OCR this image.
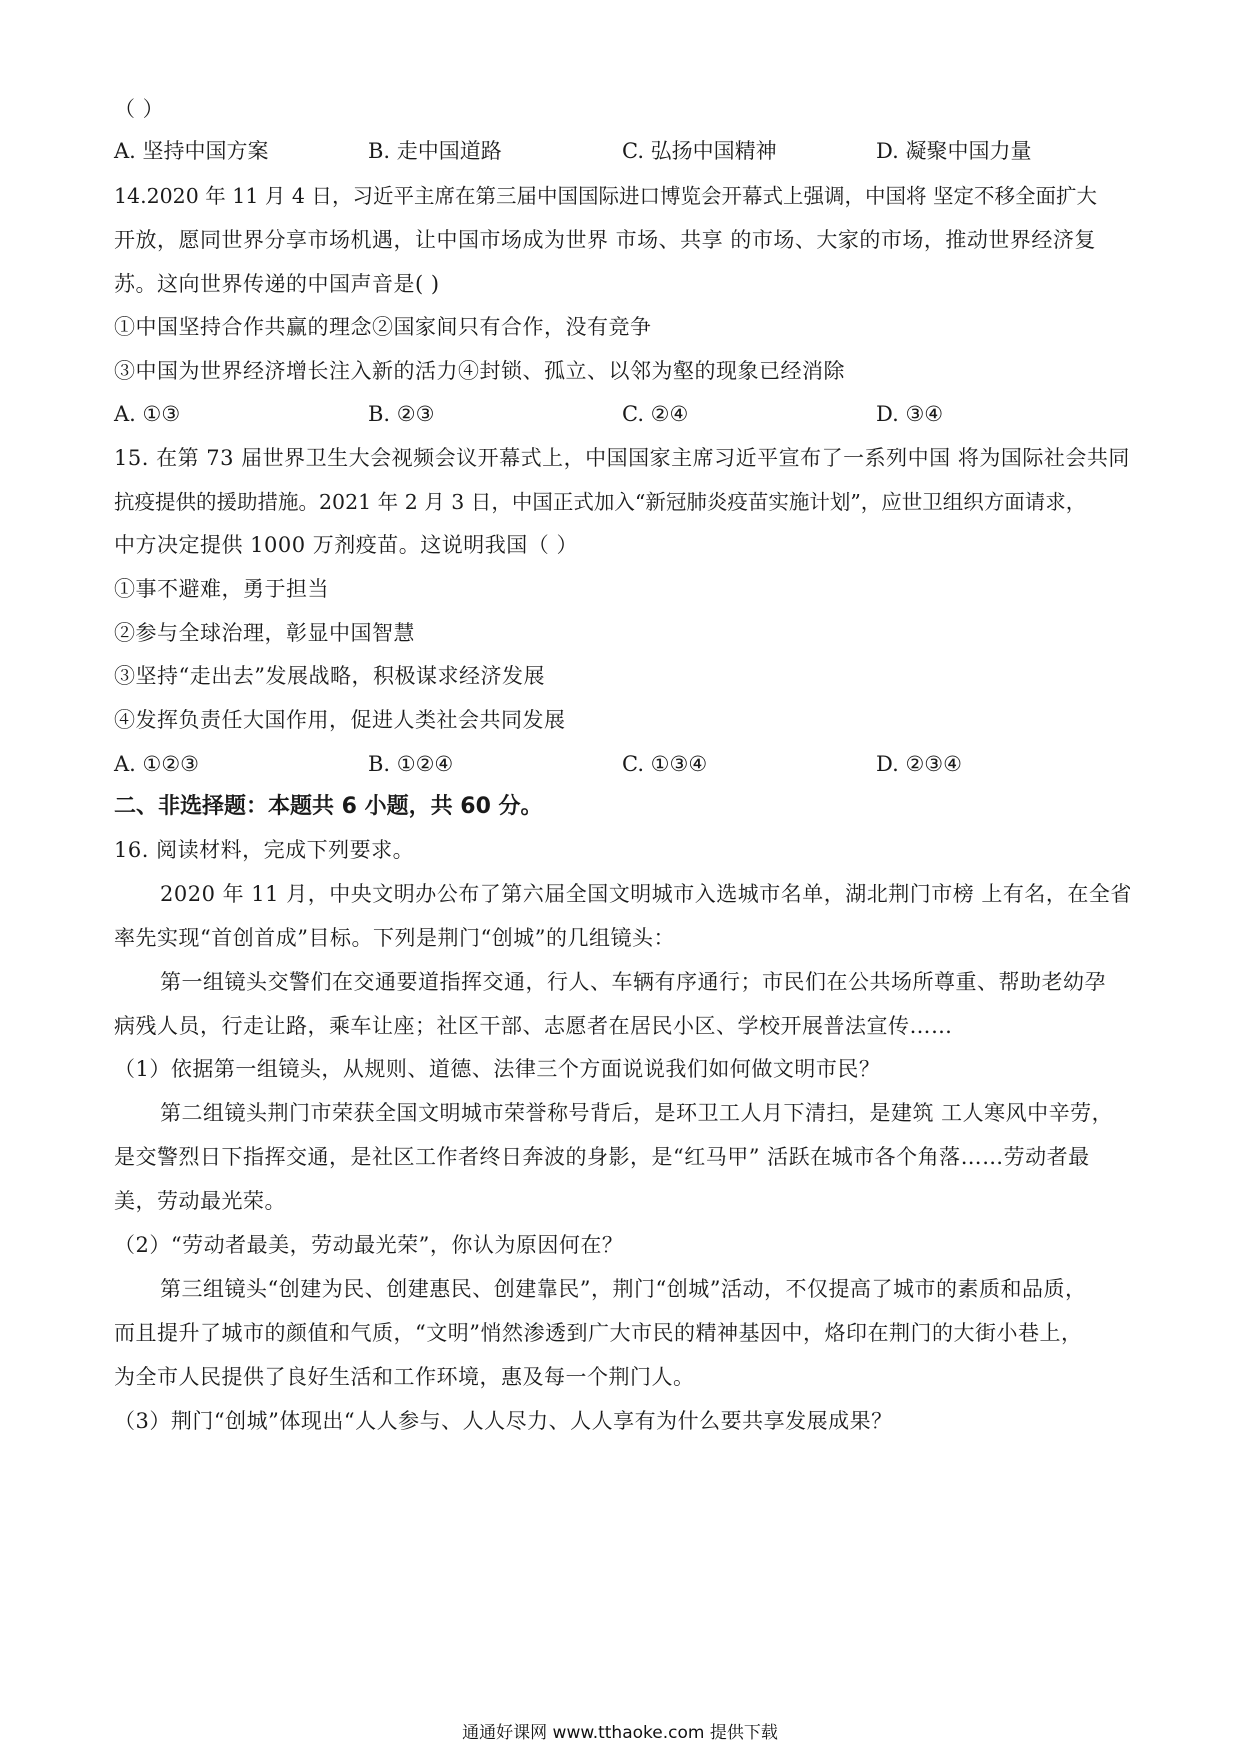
（ ）
A. 坚持中国方案	B. 走中国道路	C. 弘扬中国精神	D. 凝聚中国力量
14.2020 年 11 月 4 日，习近平主席在第三届中国国际进口博览会开幕式上强调，中国将 坚定不移全面扩大
开放，愿同世界分享市场机遇，让中国市场成为世界 市场、共享 的市场、大家的市场，推动世界经济复
苏。这向世界传递的中国声音是( )
①中国坚持合作共赢的理念②国家间只有合作，没有竞争
③中国为世界经济增长注入新的活力④封锁、孤立、以邻为壑的现象已经消除
A. ①③	B. ②③	C. ②④	D. ③④
15. 在第 73 届世界卫生大会视频会议开幕式上，中国国家主席习近平宣布了一系列中国 将为国际社会共同
抗疫提供的援助措施。2021 年 2 月 3 日，中国正式加入“新冠肺炎疫苗实施计划”，应世卫组织方面请求，
中方决定提供 1000 万剂疫苗。这说明我国（ ）
①事不避难，勇于担当
②参与全球治理，彰显中国智慧
③坚持“走出去”发展战略，积极谋求经济发展
④发挥负责任大国作用，促进人类社会共同发展
A. ①②③	B. ①②④	C. ①③④	D. ②③④
二、非选择题：本题共 6 小题，共 60 分。
16. 阅读材料，完成下列要求。
2020 年 11 月，中央文明办公布了第六届全国文明城市入选城市名单，湖北荆门市榜 上有名，在全省
率先实现“首创首成”目标。下列是荆门“创城”的几组镜头：
第一组镜头交警们在交通要道指挥交通，行人、车辆有序通行；市民们在公共场所尊重、帮助老幼孕
病残人员，行走让路，乘车让座；社区干部、志愿者在居民小区、学校开展普法宣传……
（1）依据第一组镜头，从规则、道德、法律三个方面说说我们如何做文明市民？
第二组镜头荆门市荣获全国文明城市荣誉称号背后，是环卫工人月下清扫，是建筑 工人寒风中辛劳，
是交警烈日下指挥交通，是社区工作者终日奔波的身影，是“红马甲” 活跃在城市各个角落……劳动者最
美，劳动最光荣。
（2）“劳动者最美，劳动最光荣”，你认为原因何在？
第三组镜头“创建为民、创建惠民、创建靠民”，荆门“创城”活动，不仅提高了城市的素质和品质，
而且提升了城市的颜值和气质，“文明”悄然渗透到广大市民的精神基因中，烙印在荆门的大街小巷上，
为全市人民提供了良好生活和工作环境，惠及每一个荆门人。
（3）荆门“创城”体现出“人人参与、人人尽力、人人享有为什么要共享发展成果？
通通好课网 www.tthaoke.com 提供下载
